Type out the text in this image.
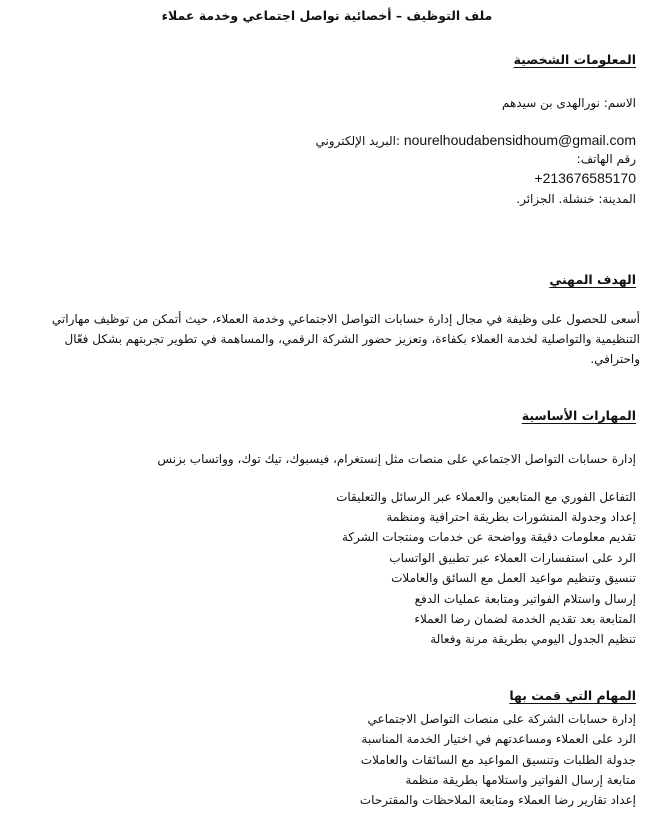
ملف التوظيف – أخصائية تواصل اجتماعي وخدمة عملاء
المعلومات الشخصية
الاسم: نورالهدى بن سيدهم
nourelhoudabensidhoum@gmail.com :البريد الإلكتروني
رقم الهاتف:
+213676585170
المدينة: خنشلة. الجزائر.
الهدف المهني
أسعى للحصول على وظيفة في مجال إدارة حسابات التواصل الاجتماعي وخدمة العملاء، حيث أتمكن من توظيف مهاراتي التنظيمية والتواصلية لخدمة العملاء بكفاءة، وتعزيز حضور الشركة الرقمي، والمساهمة في تطوير تجربتهم بشكل فعّال واحترافي.
المهارات الأساسية
إدارة حسابات التواصل الاجتماعي على منصات مثل إنستغرام، فيسبوك، تيك توك، وواتساب بزنس
التفاعل الفوري مع المتابعين والعملاء عبر الرسائل والتعليقات
إعداد وجدولة المنشورات بطريقة احترافية ومنظمة
تقديم معلومات دقيقة وواضحة عن خدمات ومنتجات الشركة
الرد على استفسارات العملاء عبر تطبيق الواتساب
تنسيق وتنظيم مواعيد العمل مع السائق والعاملات
إرسال واستلام الفواتير ومتابعة عمليات الدفع
المتابعة بعد تقديم الخدمة لضمان رضا العملاء
تنظيم الجدول اليومي بطريقة مرنة وفعالة
المهام التي قمت بها
إدارة حسابات الشركة على منصات التواصل الاجتماعي
الرد على العملاء ومساعدتهم في اختيار الخدمة المناسبة
جدولة الطلبات وتنسيق المواعيد مع السائقات والعاملات
متابعة إرسال الفواتير واستلامها بطريقة منظمة
إعداد تقارير رضا العملاء ومتابعة الملاحظات والمقترحات
